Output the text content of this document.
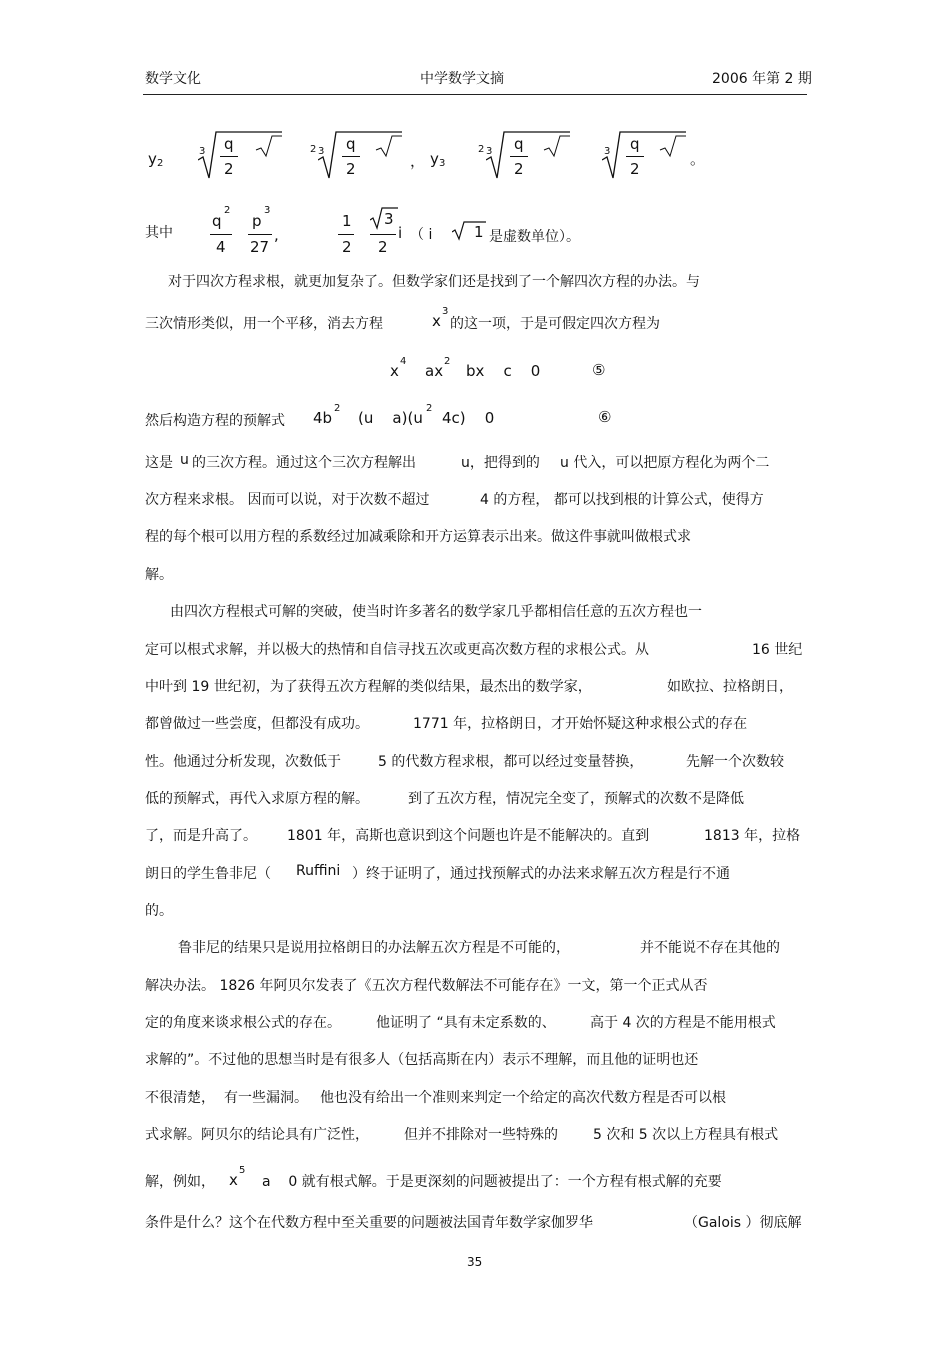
数学文化	中学数学文摘	2006 年第 2 期
y 2
3 q
2
2 3 q
2	， y 3
2 3 q
2
3 q
2
。
其中
q
2
4
p
3
27
,
1
2
3
2
i （ i	1 是虚数单位）。
对于四次方程求根，就更加复杂了。但数学家们还是找到了一个解四次方程的办法。与
三次情形类似，用一个平移，消去方程	x
3
的这一项，于是可假定四次方程为
x
4
ax
2
bx    c    0	⑤
然后构造方程的预解式 4b
2
(u    a)(u
2
4c)    0	⑥
这是 u 的三次方程。通过这个三次方程解出	u，把得到的 u 代入，可以把原方程化为两个二
次方程来求根。 因而可以说，对于次数不超过	4 的方程， 都可以找到根的计算公式，使得方
程的每个根可以用方程的系数经过加减乘除和开方运算表示出来。做这件事就叫做根式求
解。
由四次方程根式可解的突破，使当时许多著名的数学家几乎都相信任意的五次方程也一
定可以根式求解，并以极大的热情和自信寻找五次或更高次数方程的求根公式。从	16 世纪
中叶到 19 世纪初，为了获得五次方程解的类似结果，最杰出的数学家，	如欧拉、拉格朗日，
都曾做过一些尝度，但都没有成功。	1771 年，拉格朗日，才开始怀疑这种求根公式的存在
性。他通过分析发现，次数低于	5 的代数方程求根，都可以经过变量替换，	先解一个次数较
低的预解式，再代入求原方程的解。	到了五次方程，情况完全变了，预解式的次数不是降低
了，而是升高了。 1801 年，高斯也意识到这个问题也许是不能解决的。直到	1813 年，拉格
朗日的学生鲁非尼（ Ruffini ）终于证明了，通过找预解式的办法来求解五次方程是行不通
的。
鲁非尼的结果只是说用拉格朗日的办法解五次方程是不可能的，	并不能说不存在其他的
解决办法。 1826 年阿贝尔发表了《五次方程代数解法不可能存在》一文，第一个正式从否
定的角度来谈求根公式的存在。	他证明了 “具有未定系数的、 高于 4 次的方程是不能用根式
求解的”。不过他的思想当时是有很多人（包括高斯在内）表示不理解，而且他的证明也还
不很清楚， 有一些漏洞。 他也没有给出一个准则来判定一个给定的高次代数方程是否可以根
式求解。阿贝尔的结论具有广泛性，	但并不排除对一些特殊的	5 次和 5 次以上方程具有根式
解，例如， x
5
a    0 就有根式解。于是更深刻的问题被提出了：一个方程有根式解的充要
条件是什么？这个在代数方程中至关重要的问题被法国青年数学家伽罗华	（Galois ）彻底解
35
